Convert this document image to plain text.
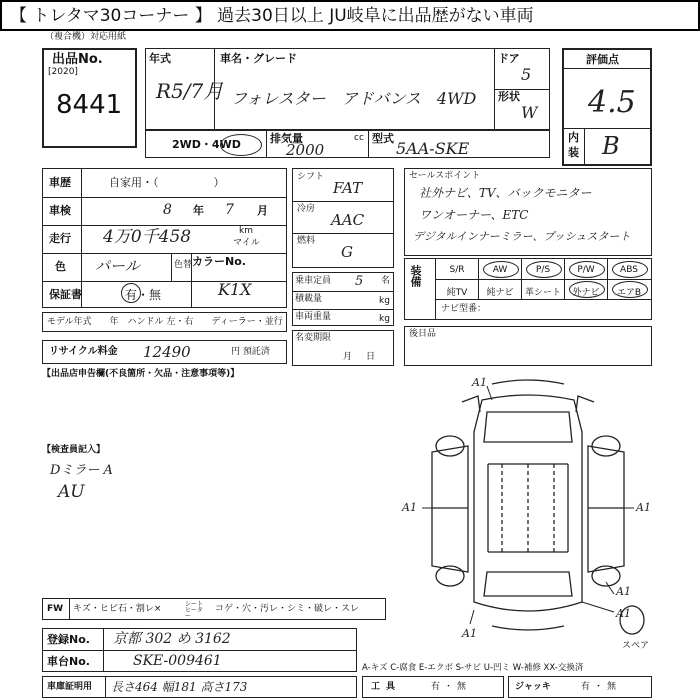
【 トレタマ30コーナー 】 過去30日以上 JU岐阜に出品歴がない車両
（複合機）対応用紙
出品No.
[2020]
8441
年式
R5/7月
車名・グレード
フォレスター　アドバンス　4WD
ドア
5
形状
W
評価点
4.5
内
装 B
2WD・4WD	排気量	cc
2000
型式
5AA-SKE
車歴	自家用・（　　　　　）
車検	8 年 7 月
走行 4万0千458	km
マイル
色 パール	色替
保証書	有・無
カラーNo.
K1X
モデル年式　　年　ハンドル 左・右　　ディーラー・並行
シフト
FAT
冷房
AAC
燃料
G
乗車定員 5 名
積載量	kg
車両重量	kg
リサイクル料金 12490	円 預託済
名変期限
月日
セールスポイント
社外ナビ、TV、バックモニター
ワンオーナー、ETC
デジタルインナーミラー、プッシュスタート
装備	S/R	AW	P/S	P/W	ABS
純TV	純ナビ	革シート	外ナビ	エアB
ナビ型番：
後日品
【出品店申告欄(不良箇所・欠品・注意事項等)】
【検査員記入】
Dミラー A
AU
A1
A1	A1
A1
A1
A1
スペア
FW キズ・ヒビ石・割レ×	シートヒーター
コゲ・穴・汚レ・シミ・破レ・スレ
登録No. 京都 302 め 3162
車台No.	SKE-009461
車庫証明用 長さ464 幅181 高さ173
A-キズ C-腐食 E-エクボ S-サビ U-凹ミ W-補修 XX-交換済
工具	有・無	ジャッキ	有・無
